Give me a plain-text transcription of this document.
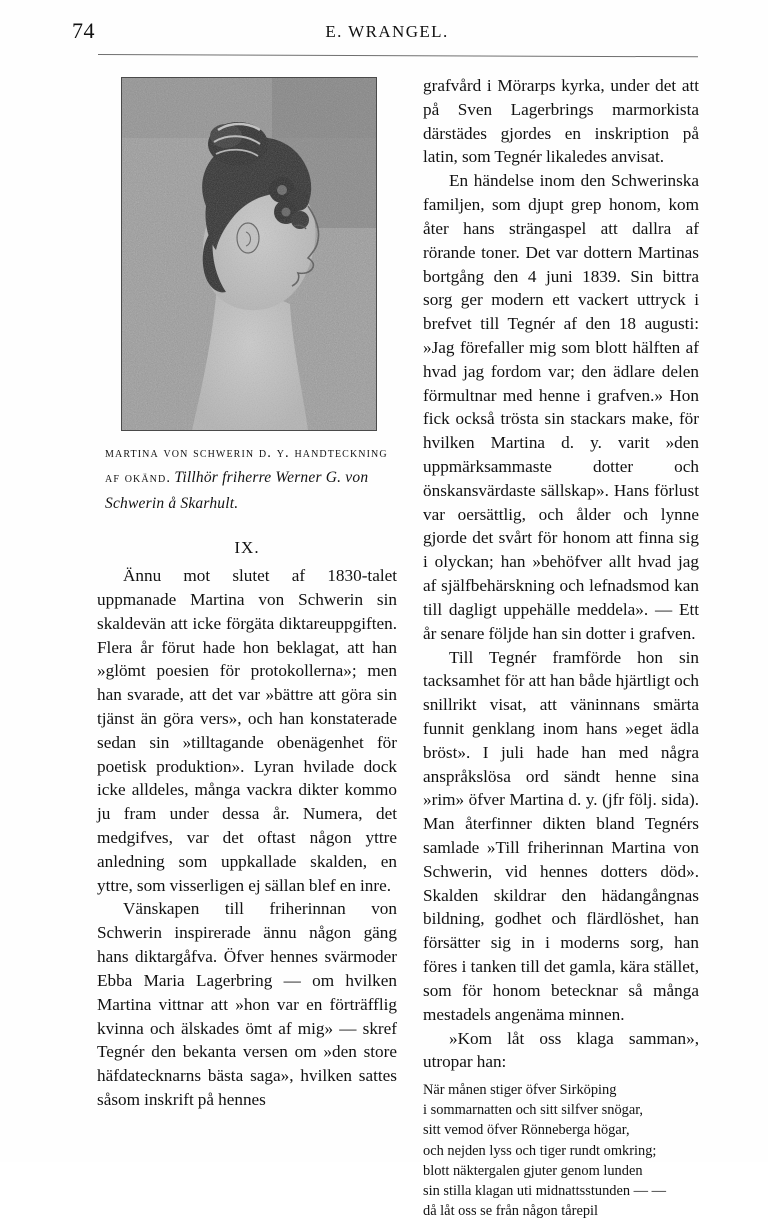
74	E. WRANGEL.
martina von schwerin d. y. handteckning af okänd. Tillhör friherre Werner G. von Schwerin å Skarhult.
IX.

Ännu mot slutet af 1830-talet uppmanade Martina von Schwerin sin skaldevän att icke förgäta diktareuppgiften. Flera år förut hade hon beklagat, att han »glömt poesien för protokollerna»; men han svarade, att det var »bättre att göra sin tjänst än göra vers», och han konstaterade sedan sin »tilltagande obenägenhet för poetisk produktion». Lyran hvilade dock icke alldeles, många vackra dikter kommo ju fram under dessa år. Numera, det medgifves, var det oftast någon yttre anledning som uppkallade skalden, en yttre, som visserligen ej sällan blef en inre.

Vänskapen till friherinnan von Schwerin inspirerade ännu någon gäng hans diktargåfva. Öfver hennes svärmoder Ebba Maria Lagerbring — om hvilken Martina vittnar att »hon var en förträfflig kvinna och älskades ömt af mig» — skref Tegnér den bekanta versen om »den store häfdatecknarns bästa saga», hvilken sattes såsom inskrift på hennes

grafvård i Mörarps kyrka, under det att på Sven Lagerbrings marmorkista därstädes gjordes en inskription på latin, som Tegnér likaledes anvisat.

En händelse inom den Schwerinska familjen, som djupt grep honom, kom åter hans strängaspel att dallra af rörande toner. Det var dottern Martinas bortgång den 4 juni 1839. Sin bittra sorg ger modern ett vackert uttryck i brefvet till Tegnér af den 18 augusti: »Jag förefaller mig som blott hälften af hvad jag fordom var; den ädlare delen förmultnar med henne i grafven.» Hon fick också trösta sin stackars make, för hvilken Martina d. y. varit »den uppmärksammaste dotter och önskansvärdaste sällskap». Hans förlust var oersättlig, och ålder och lynne gjorde det svårt för honom att finna sig i olyckan; han »behöfver allt hvad jag af själfbehärskning och lefnadsmod kan till dagligt uppehälle meddela». — Ett år senare följde han sin dotter i grafven.

Till Tegnér framförde hon sin tacksamhet för att han både hjärtligt och snillrikt visat, att väninnans smärta funnit genklang inom hans »eget ädla bröst». I juli hade han med några anspråkslösa ord sändt henne sina »rim» öfver Martina d. y. (jfr följ. sida). Man återfinner dikten bland Tegnérs samlade »Till friherinnan Martina von Schwerin, vid hennes dotters död». Skalden skildrar den hädangångnas bildning, godhet och flärdlöshet, han försätter sig in i moderns sorg, han föres i tanken till det gamla, kära stället, som för honom betecknar så många mestadels angenäma minnen.

»Kom låt oss klaga samman», utropar han:

När månen stiger öfver Sirköping
i sommarnatten och sitt silfver snögar,
sitt vemod öfver Rönneberga högar,
och nejden lyss och tiger rundt omkring;
blott näktergalen gjuter genom lunden
sin stilla klagan uti midnattsstunden — —
då låt oss se från någon tårepil
